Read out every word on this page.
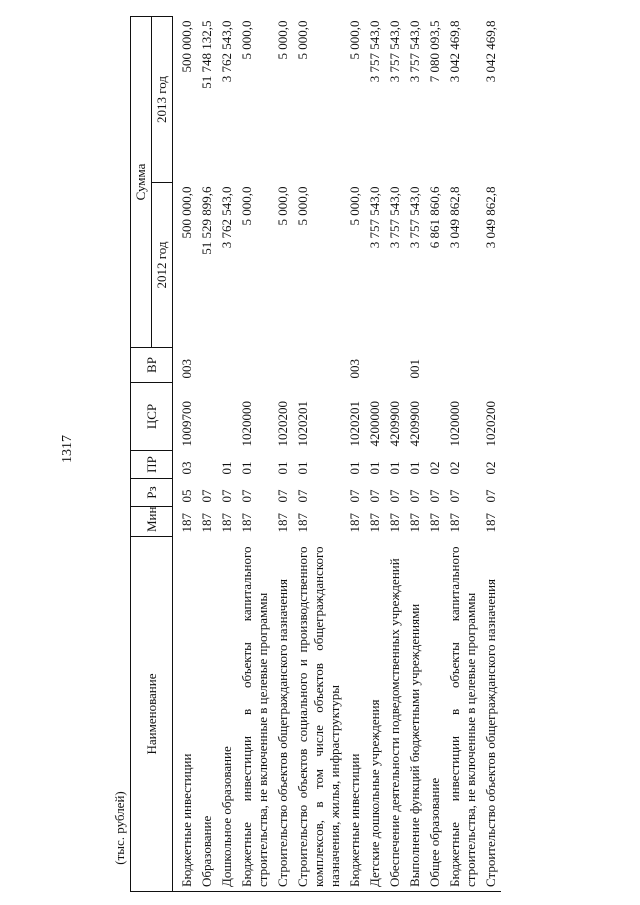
1317
(тыс. рублей)
Наименование	Мин	Рз	ПР	ЦСР	ВР	Сумма	
						2012 год	2013 год

Бюджетные инвестиции	187	05	03	1009700	003	500 000,0	500 000,0
Образование	187	07				51 529 899,6	51 748 132,5
Дошкольное образование	187	07	01			3 762 543,0	3 762 543,0
Бюджетные инвестиции в объекты капитального строительства, не включенные в целевые программы	187	07	01	1020000		5 000,0	5 000,0
Строительство объектов общегражданского назначения	187	07	01	1020200		5 000,0	5 000,0
Строительство объектов социального и производственного комплексов, в том числе объектов общегражданского назначения, жилья, инфраструктуры	187	07	01	1020201		5 000,0	5 000,0
Бюджетные инвестиции	187	07	01	1020201	003	5 000,0	5 000,0
Детские дошкольные учреждения	187	07	01	4200000		3 757 543,0	3 757 543,0
Обеспечение деятельности подведомственных учреждений	187	07	01	4209900		3 757 543,0	3 757 543,0
Выполнение функций бюджетными учреждениями	187	07	01	4209900	001	3 757 543,0	3 757 543,0
Общее образование	187	07	02			6 861 860,6	7 080 093,5
Бюджетные инвестиции в объекты капитального строительства, не включенные в целевые программы	187	07	02	1020000		3 049 862,8	3 042 469,8
Строительство объектов общегражданского назначения	187	07	02	1020200		3 049 862,8	3 042 469,8
